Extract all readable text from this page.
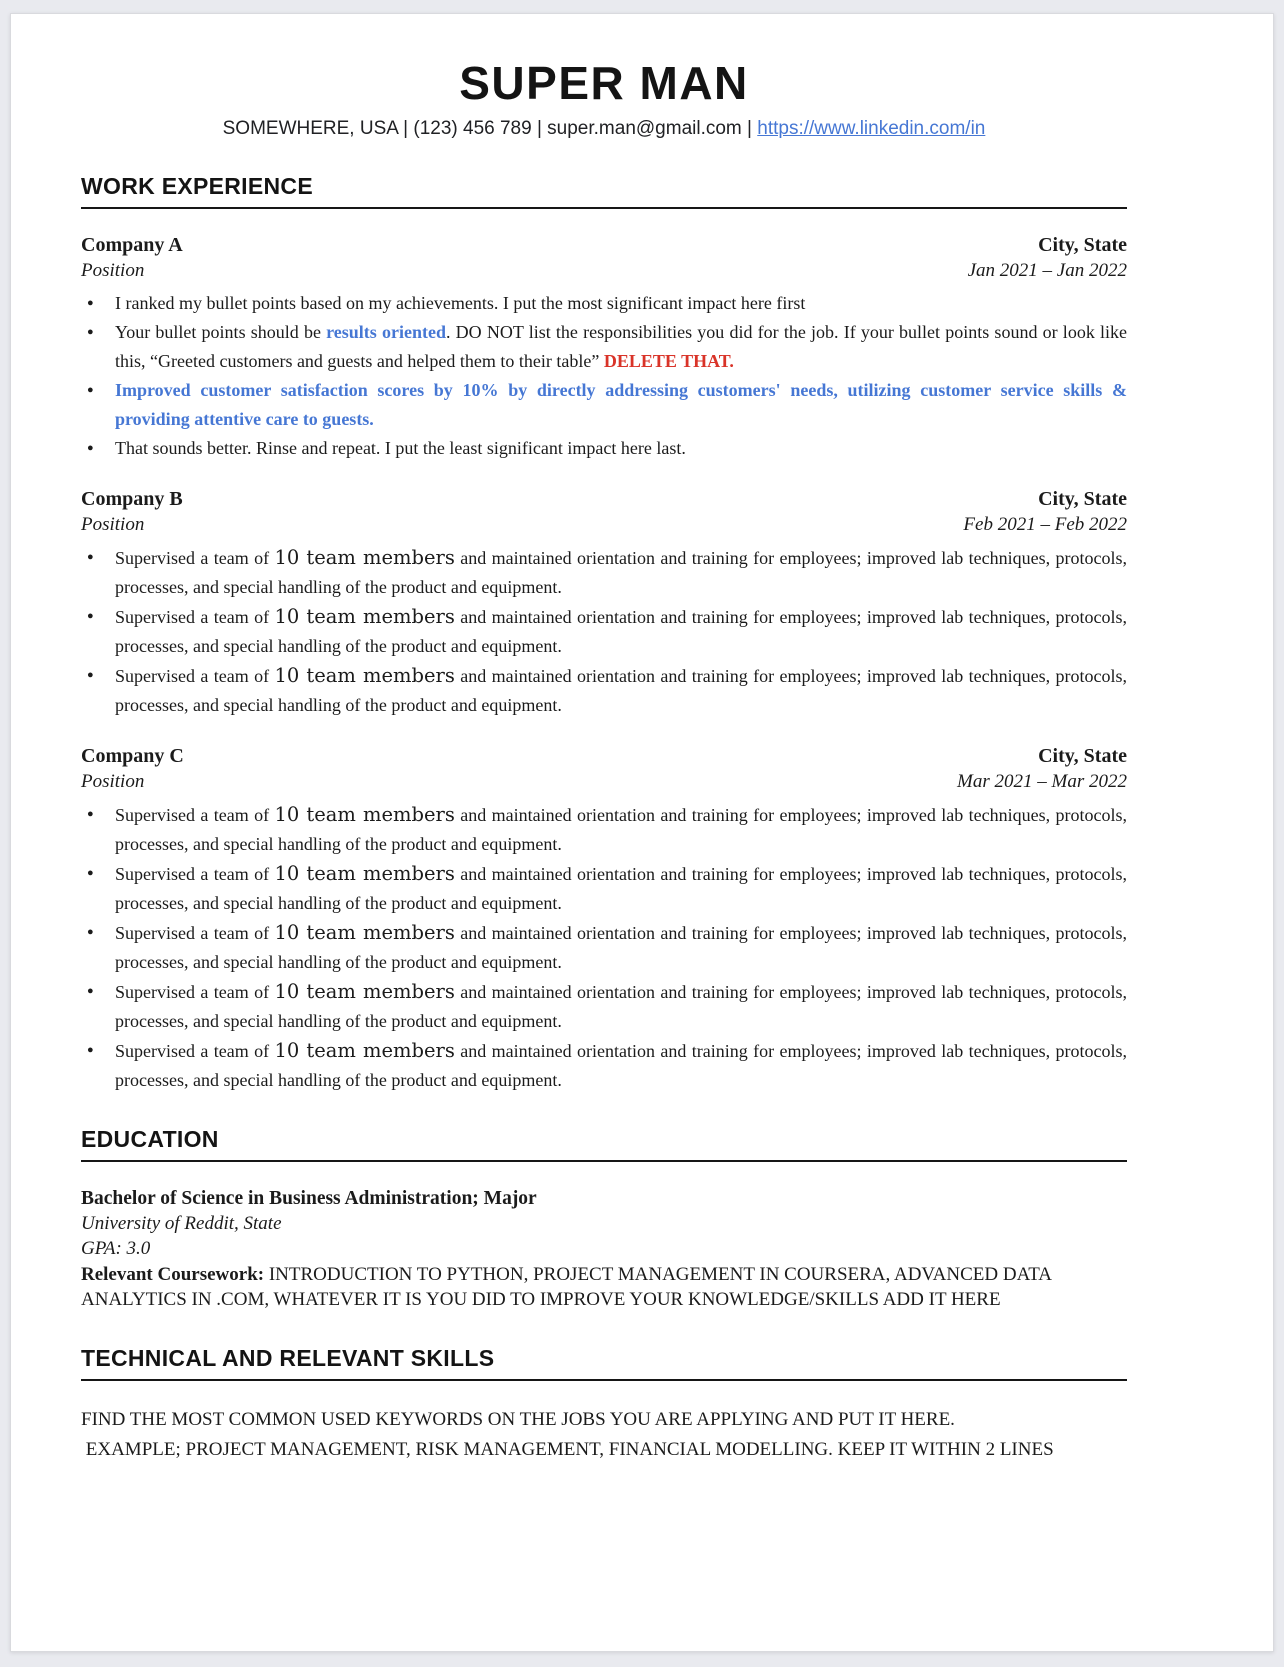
SUPER MAN
SOMEWHERE, USA | (123) 456 789 | super.man@gmail.com | https://www.linkedin.com/in
WORK EXPERIENCE
Company A	City, State
Position	Jan 2021 – Jan 2022
● I ranked my bullet points based on my achievements. I put the most significant impact here first
● Your bullet points should be results oriented. DO NOT list the responsibilities you did for the job. If your bullet points sound or look like this, “Greeted customers and guests and helped them to their table” DELETE THAT.
● Improved customer satisfaction scores by 10% by directly addressing customers' needs, utilizing customer service skills & providing attentive care to guests.
● That sounds better. Rinse and repeat. I put the least significant impact here last.
Company B	City, State
Position	Feb 2021 – Feb 2022
● Supervised a team of 10 team members and maintained orientation and training for employees; improved lab techniques, protocols, processes, and special handling of the product and equipment.
● Supervised a team of 10 team members and maintained orientation and training for employees; improved lab techniques, protocols, processes, and special handling of the product and equipment.
● Supervised a team of 10 team members and maintained orientation and training for employees; improved lab techniques, protocols, processes, and special handling of the product and equipment.
Company C	City, State
Position	Mar 2021 – Mar 2022
● Supervised a team of 10 team members and maintained orientation and training for employees; improved lab techniques, protocols, processes, and special handling of the product and equipment.
● Supervised a team of 10 team members and maintained orientation and training for employees; improved lab techniques, protocols, processes, and special handling of the product and equipment.
● Supervised a team of 10 team members and maintained orientation and training for employees; improved lab techniques, protocols, processes, and special handling of the product and equipment.
● Supervised a team of 10 team members and maintained orientation and training for employees; improved lab techniques, protocols, processes, and special handling of the product and equipment.
● Supervised a team of 10 team members and maintained orientation and training for employees; improved lab techniques, protocols, processes, and special handling of the product and equipment.
EDUCATION
Bachelor of Science in Business Administration; Major
University of Reddit, State
GPA: 3.0
Relevant Coursework: INTRODUCTION TO PYTHON, PROJECT MANAGEMENT IN COURSERA, ADVANCED DATA ANALYTICS IN .COM, WHATEVER IT IS YOU DID TO IMPROVE YOUR KNOWLEDGE/SKILLS ADD IT HERE
TECHNICAL AND RELEVANT SKILLS
FIND THE MOST COMMON USED KEYWORDS ON THE JOBS YOU ARE APPLYING AND PUT IT HERE.
EXAMPLE; PROJECT MANAGEMENT, RISK MANAGEMENT, FINANCIAL MODELLING. KEEP IT WITHIN 2 LINES
